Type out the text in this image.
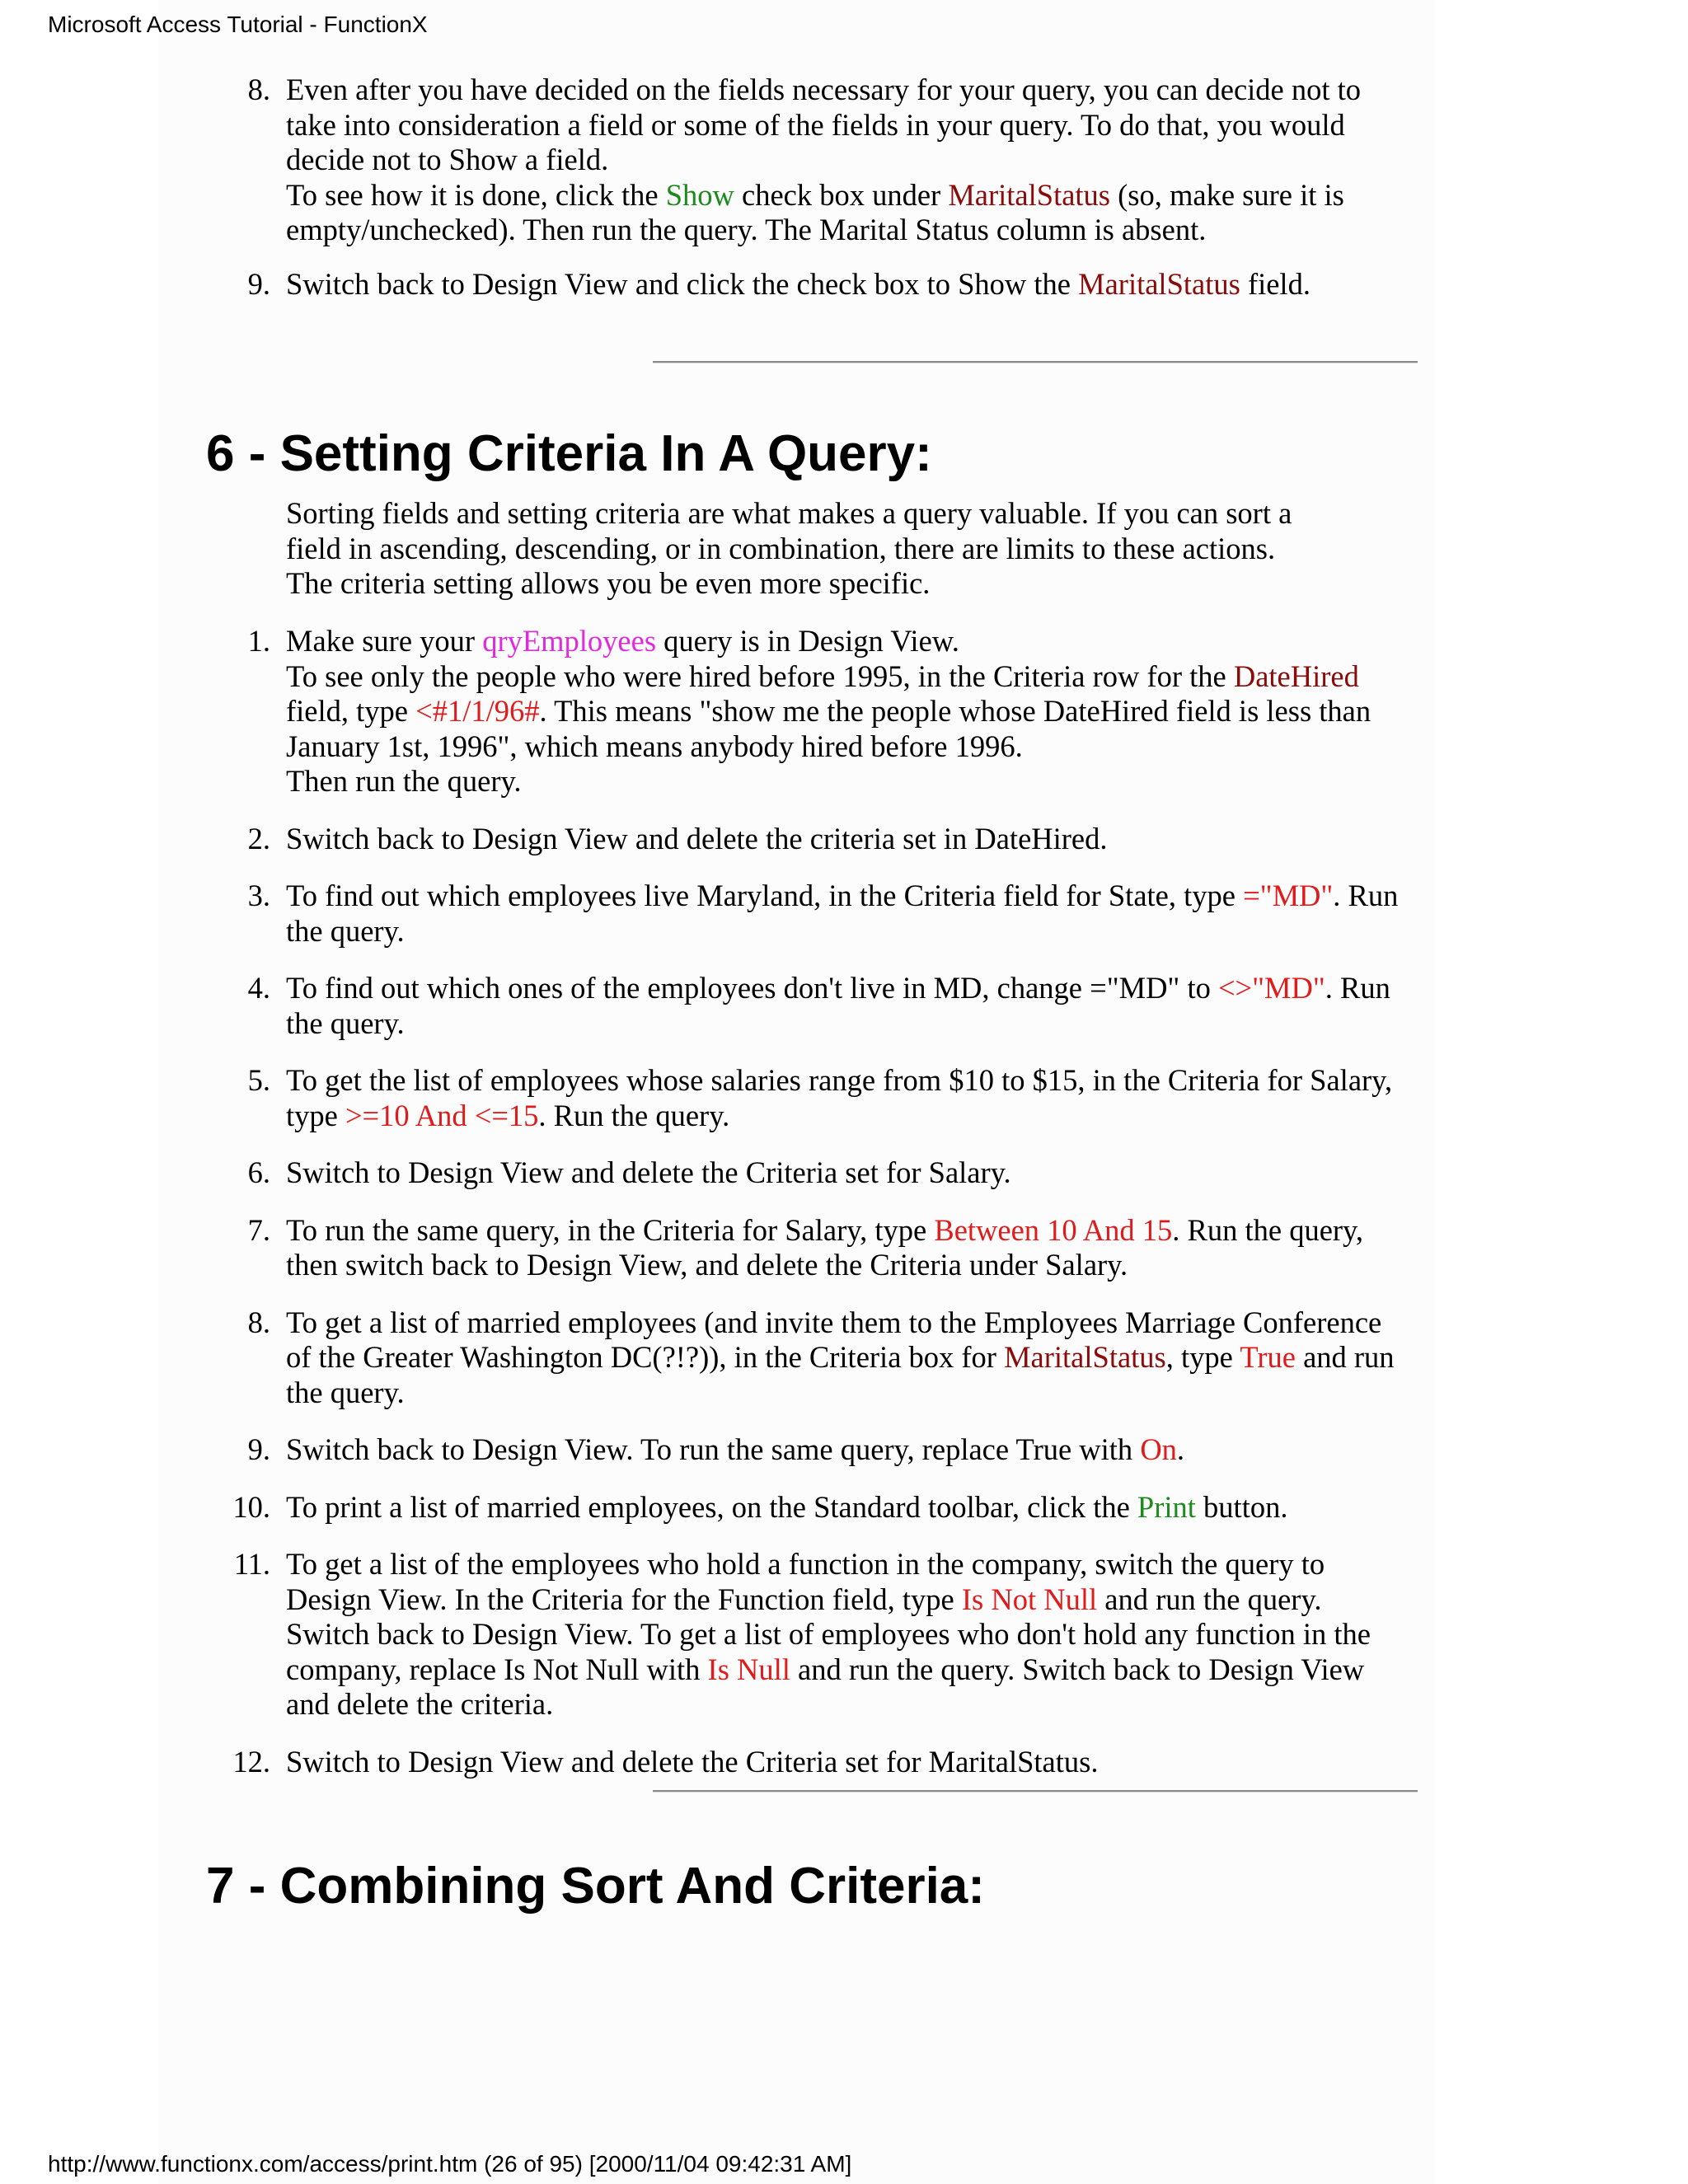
Microsoft Access Tutorial - FunctionX
8. Even after you have decided on the fields necessary for your query, you can decide not to
take into consideration a field or some of the fields in your query. To do that, you would
decide not to Show a field.
To see how it is done, click the Show check box under MaritalStatus (so, make sure it is
empty/unchecked). Then run the query. The Marital Status column is absent.
9. Switch back to Design View and click the check box to Show the MaritalStatus field.
6 - Setting Criteria In A Query:
Sorting fields and setting criteria are what makes a query valuable. If you can sort a
field in ascending, descending, or in combination, there are limits to these actions.
The criteria setting allows you be even more specific.
1. Make sure your qryEmployees query is in Design View.
To see only the people who were hired before 1995, in the Criteria row for the DateHired
field, type <#1/1/96#. This means "show me the people whose DateHired field is less than
January 1st, 1996", which means anybody hired before 1996.
Then run the query.
2. Switch back to Design View and delete the criteria set in DateHired.
3. To find out which employees live Maryland, in the Criteria field for State, type ="MD". Run
the query.
4. To find out which ones of the employees don't live in MD, change ="MD" to <>"MD". Run
the query.
5. To get the list of employees whose salaries range from $10 to $15, in the Criteria for Salary,
type >=10 And <=15. Run the query.
6. Switch to Design View and delete the Criteria set for Salary.
7. To run the same query, in the Criteria for Salary, type Between 10 And 15. Run the query,
then switch back to Design View, and delete the Criteria under Salary.
8. To get a list of married employees (and invite them to the Employees Marriage Conference
of the Greater Washington DC(?!?)), in the Criteria box for MaritalStatus, type True and run
the query.
9. Switch back to Design View. To run the same query, replace True with On.
10. To print a list of married employees, on the Standard toolbar, click the Print button.
11. To get a list of the employees who hold a function in the company, switch the query to
Design View. In the Criteria for the Function field, type Is Not Null and run the query.
Switch back to Design View. To get a list of employees who don't hold any function in the
company, replace Is Not Null with Is Null and run the query. Switch back to Design View
and delete the criteria.
12. Switch to Design View and delete the Criteria set for MaritalStatus.
7 - Combining Sort And Criteria:
http://www.functionx.com/access/print.htm (26 of 95) [2000/11/04 09:42:31 AM]
